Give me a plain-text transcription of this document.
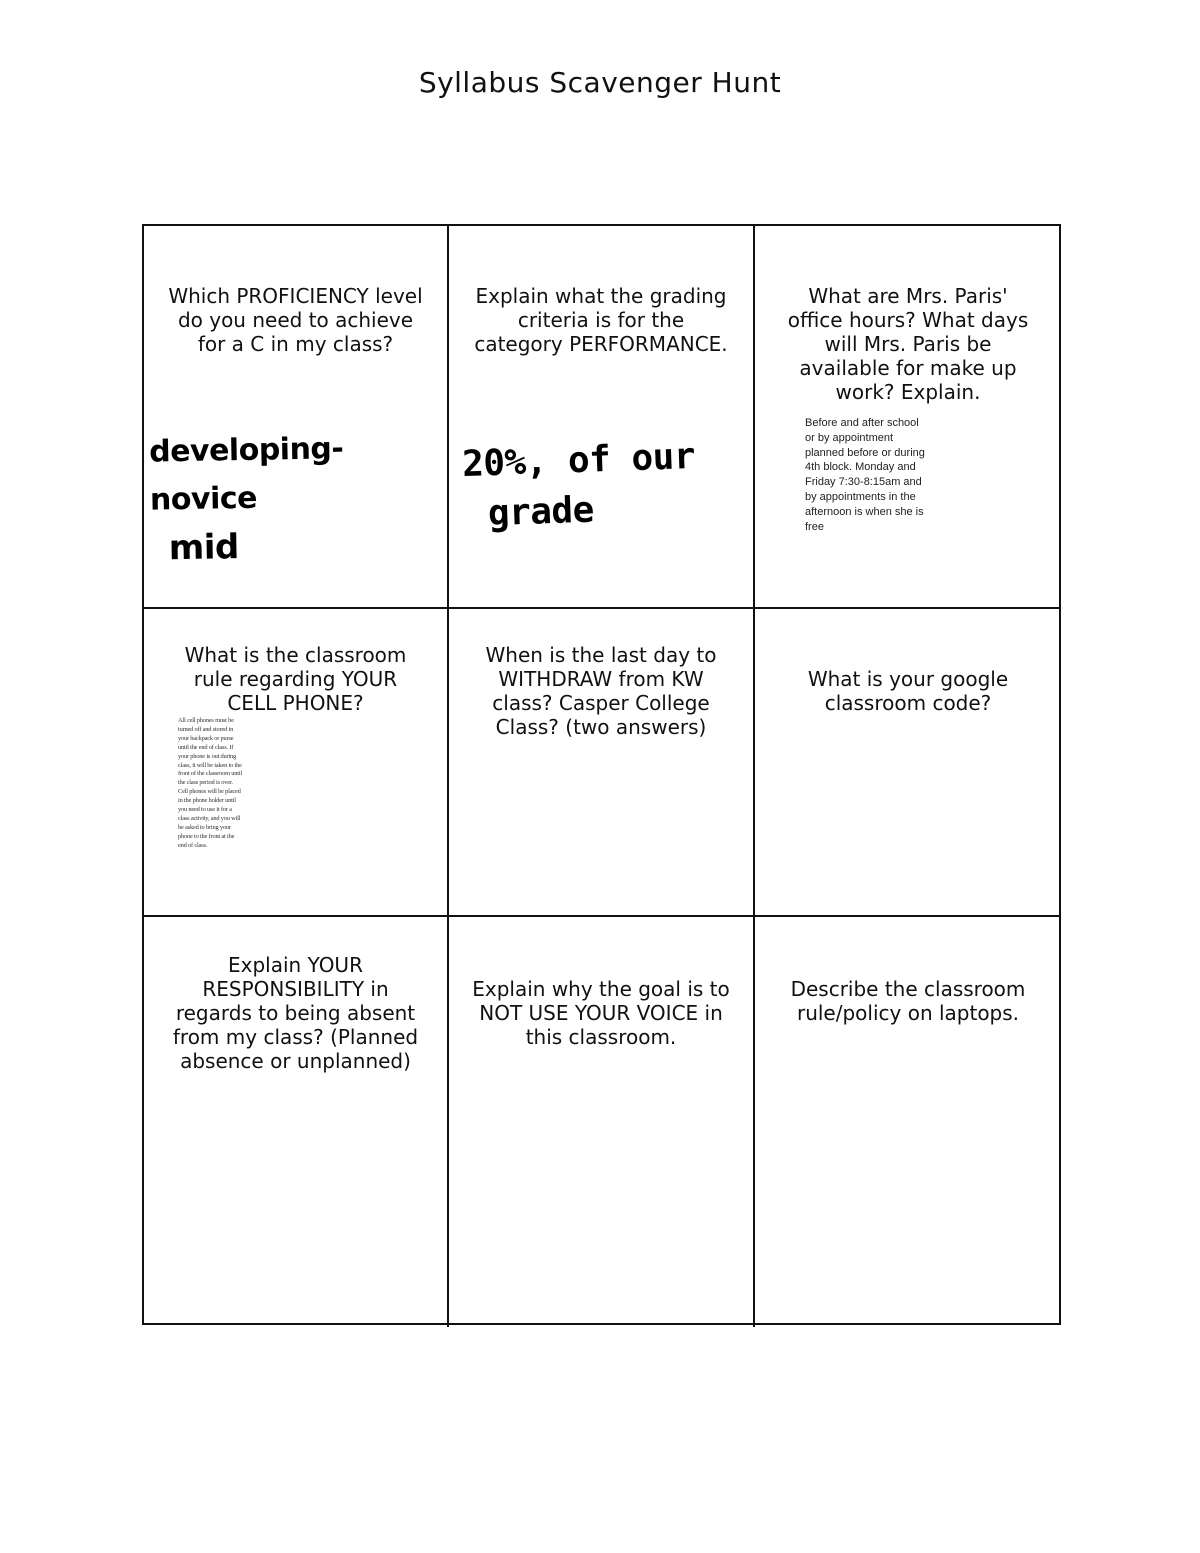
Syllabus Scavenger Hunt
Which PROFICIENCY level
do you need to achieve
for a C in my class?

developing-novice

mid

Explain what the grading
criteria is for the
category PERFORMANCE.

20%, of our

grade

What are Mrs. Paris'
office hours? What days
will Mrs. Paris be
available for make up
work? Explain.
Before and after school or by appointment planned before or during 4th block. Monday and Friday 7:30-8:15am and by appointments in the afternoon is when she is free
What is the classroom
rule regarding YOUR
CELL PHONE?
All cell phones must be turned off and stored in your backpack or purse until the end of class. If your phone is out during class, it will be taken to the front of the classroom until the class period is over. Cell phones will be placed in the phone holder until you need to use it for a class activity, and you will be asked to bring your phone to the front at the end of class.
When is the last day to
WITHDRAW from KW
class? Casper College
Class? (two answers)
What is your google
classroom code?
Explain YOUR
RESPONSIBILITY in
regards to being absent
from my class? (Planned
absence or unplanned)
Explain why the goal is to
NOT USE YOUR VOICE in
this classroom.
Describe the classroom
rule/policy on laptops.
